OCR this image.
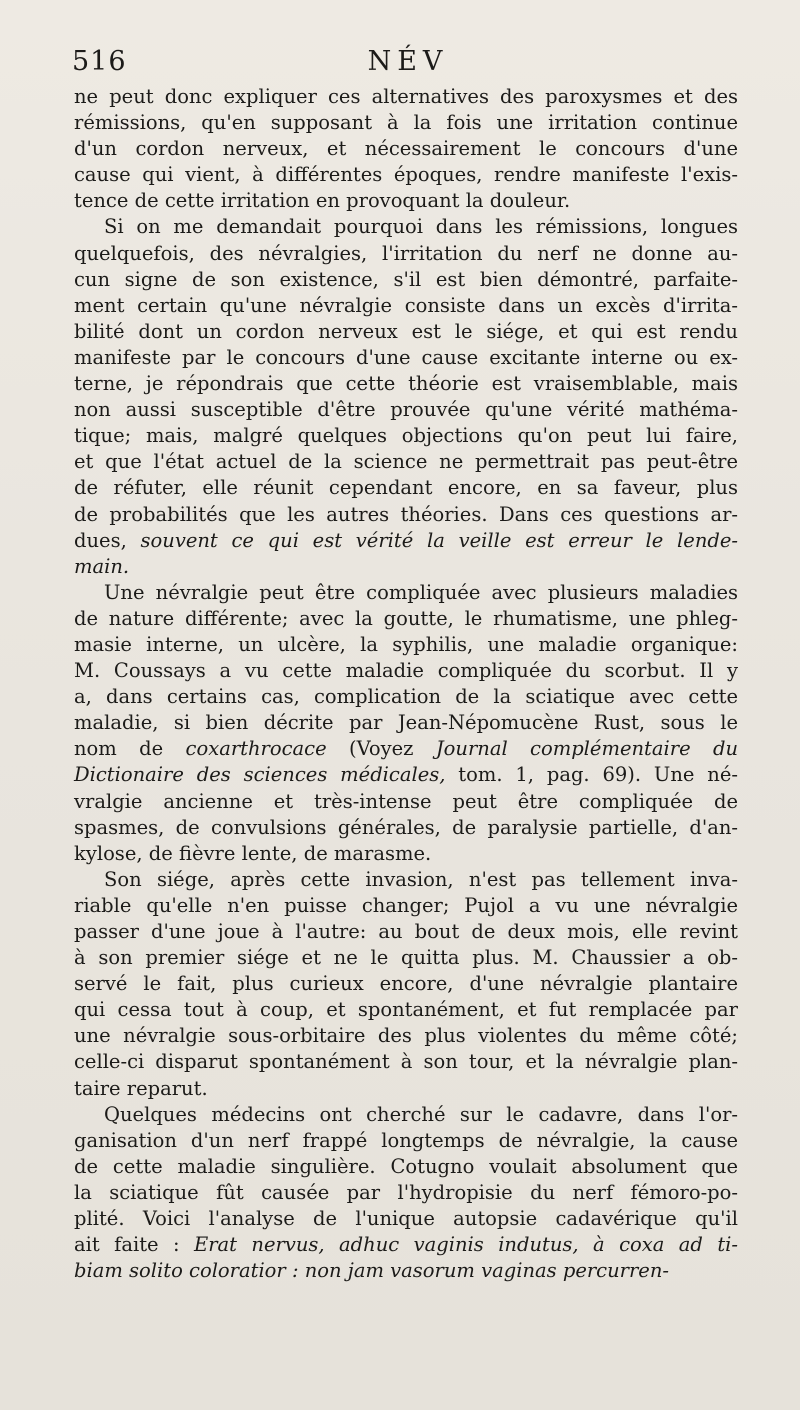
516	NÉV
ne peut donc expliquer ces alternatives des paroxysmes et des
rémissions, qu'en supposant à la fois une irritation continue
d'un cordon nerveux, et nécessairement le concours d'une
cause qui vient, à différentes époques, rendre manifeste l'exis-
tence de cette irritation en provoquant la douleur.
Si on me demandait pourquoi dans les rémissions, longues
quelquefois, des névralgies, l'irritation du nerf ne donne au-
cun signe de son existence, s'il est bien démontré, parfaite-
ment certain qu'une névralgie consiste dans un excès d'irrita-
bilité dont un cordon nerveux est le siége, et qui est rendu
manifeste par le concours d'une cause excitante interne ou ex-
terne, je répondrais que cette théorie est vraisemblable, mais
non aussi susceptible d'être prouvée qu'une vérité mathéma-
tique; mais, malgré quelques objections qu'on peut lui faire,
et que l'état actuel de la science ne permettrait pas peut-être
de réfuter, elle réunit cependant encore, en sa faveur, plus
de probabilités que les autres théories. Dans ces questions ar-
dues, souvent ce qui est vérité la veille est erreur le lende-
main.
Une névralgie peut être compliquée avec plusieurs maladies
de nature différente; avec la goutte, le rhumatisme, une phleg-
masie interne, un ulcère, la syphilis, une maladie organique:
M. Coussays a vu cette maladie compliquée du scorbut. Il y
a, dans certains cas, complication de la sciatique avec cette
maladie, si bien décrite par Jean-Népomucène Rust, sous le
nom de coxarthrocace (Voyez Journal complémentaire du
Dictionaire des sciences médicales, tom. 1, pag. 69). Une né-
vralgie ancienne et très-intense peut être compliquée de
spasmes, de convulsions générales, de paralysie partielle, d'an-
kylose, de fièvre lente, de marasme.
Son siége, après cette invasion, n'est pas tellement inva-
riable qu'elle n'en puisse changer; Pujol a vu une névralgie
passer d'une joue à l'autre: au bout de deux mois, elle revint
à son premier siége et ne le quitta plus. M. Chaussier a ob-
servé le fait, plus curieux encore, d'une névralgie plantaire
qui cessa tout à coup, et spontanément, et fut remplacée par
une névralgie sous-orbitaire des plus violentes du même côté;
celle-ci disparut spontanément à son tour, et la névralgie plan-
taire reparut.
Quelques médecins ont cherché sur le cadavre, dans l'or-
ganisation d'un nerf frappé longtemps de névralgie, la cause
de cette maladie singulière. Cotugno voulait absolument que
la sciatique fût causée par l'hydropisie du nerf fémoro-po-
plité. Voici l'analyse de l'unique autopsie cadavérique qu'il
ait faite : Erat nervus, adhuc vaginis indutus, à coxa ad ti-
biam solito coloratior : non jam vasorum vaginas percurren-
